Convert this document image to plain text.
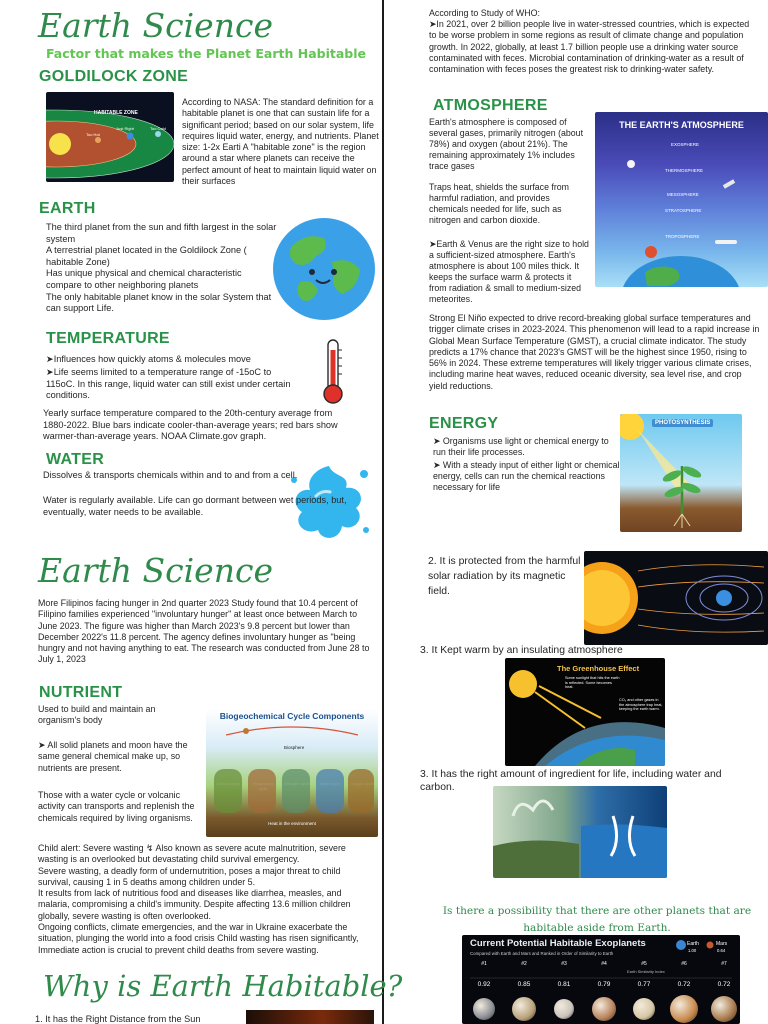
Earth Science
Factor that makes the Planet Earth Habitable
GOLDILOCK ZONE
HABITABLE ZONE
Too Hot
Just Right	Too Cold
According to NASA: The standard definition for a habitable planet is one that can sustain life for a significant period; based on our solar system, life requires liquid water, energy, and nutrients. Planet size: 1-2x Earti A "habitable zone" is the region around a star where planets can receive the perfect amount of heat to maintain liquid water on their surfaces
EARTH
The third planet from the sun and fifth largest in the solar system
A terrestrial planet located in the Goldilock Zone ( habitable Zone)
Has unique physical and chemical characteristic compare to other neighboring planets
The only habitable planet know in the solar System that can support Life.
TEMPERATURE
➤Influences how quickly atoms & molecules move
➤Life seems limited to a temperature range of -15oC to 115oC. In this range, liquid water can still exist under certain conditions.
Yearly surface temperature compared to the 20th-century average from 1880-2022. Blue bars indicate cooler-than-average years; red bars show warmer-than-average years. NOAA Climate.gov graph.
WATER
Dissolves & transports chemicals within and to and from a cell.
Water is regularly available. Life can go dormant between wet periods, but, eventually, water needs to be available.
According to Study of WHO:
➤In 2021, over 2 billion people live in water-stressed countries, which is expected to be worse problem in some regions as result of climate change and population growth. In 2022, globally, at least 1.7 billion people use a drinking water source contaminated with feces. Microbial contamination of drinking-water as a result of contamination with feces poses the greatest risk to drinking-water safety.
ATMOSPHERE
Earth's atmosphere is composed of several gases, primarily nitrogen (about 78%) and oxygen (about 21%). The remaining approximately 1% includes trace gases
Traps heat, shields the surface from harmful radiation, and provides chemicals needed for life, such as nitrogen and carbon dioxide.
➤Earth & Venus are the right size to hold a sufficient-sized atmosphere. Earth's atmosphere is about 100 miles thick. It keeps the surface warm & protects it from radiation & small to medium-sized meteorites.
THE EARTH'S ATMOSPHERE
EXOSPHERE
THERMOSPHERE
MESOSPHERE
STRATOSPHERE
TROPOSPHERE
Strong El Niño expected to drive record-breaking global surface temperatures and trigger climate crises in 2023-2024. This phenomenon will lead to a rapid increase in Global Mean Surface Temperature (GMST), a crucial climate indicator. The study predicts a 17% chance that 2023's GMST will be the highest since 1950, rising to 56% in 2024. These extreme temperatures will likely trigger various climate crises, including marine heat waves, reduced oceanic diversity, sea level rise, and crop yield reductions.
ENERGY
➤ Organisms use light or chemical energy to run their life processes.
➤ With a steady input of either light or chemical energy, cells can run the chemical reactions necessary for life
PHOTOSYNTHESIS
Earth Science
More Filipinos facing hunger in 2nd quarter 2023 Study found that 10.4 percent of Filipino families experienced "involuntary hunger" at least once between March to June 2023. The figure was higher than March 2023's 9.8 percent but lower than December 2022's 11.8 percent. The agency defines involuntary hunger as "being hungry and not having anything to eat. The research was conducted from June 28 to July 1, 2023
NUTRIENT
Used to build and maintain an organism's body
➤ All solid planets and moon have the same general chemical make up, so nutrients are present.
Those with a water cycle or volcanic activity can transports and replenish the chemicals required by living organisms.
Biogeochemical Cycle Components
Biosphere
Heat in the environment
Child alert: Severe wasting ↯ Also known as severe acute malnutrition, severe wasting is an overlooked but devastating child survival emergency.
Severe wasting, a deadly form of undernutrition, poses a major threat to child survival, causing 1 in 5 deaths among children under 5.
It results from lack of nutritious food and diseases like diarrhea, measles, and malaria, compromising a child's immunity. Despite affecting 13.6 million children globally, severe wasting is often overlooked.
Ongoing conflicts, climate emergencies, and the war in Ukraine exacerbate the situation, plunging the world into a food crisis Child wasting has risen significantly, Immediate action is crucial to prevent child deaths from severe wasting.
Why is Earth Habitable?
1. It has the Right Distance from the Sun
2. It is protected from the harmful solar radiation by its magnetic field.
3. It Kept warm by an insulating atmosphere
The Greenhouse Effect
Some sunlight that hits the earth is reflected. Some becomes heat.
CO₂ and other gases in the atmosphere trap heat, keeping the earth warm.
3. It has the right amount of ingredient for life, including water and carbon.
Is there a possibility that there are other planets that are habitable aside from Earth.
Current Potential Habitable Exoplanets
Compared with Earth and Mars and Ranked in Order of Similarity to Earth
Earth
1.00
Mars
0.64
Earth Similarity Index
#1
0.92
#2
0.85
#3
0.81
#4
0.79
#5
0.77
#6
0.72
#7
0.72
